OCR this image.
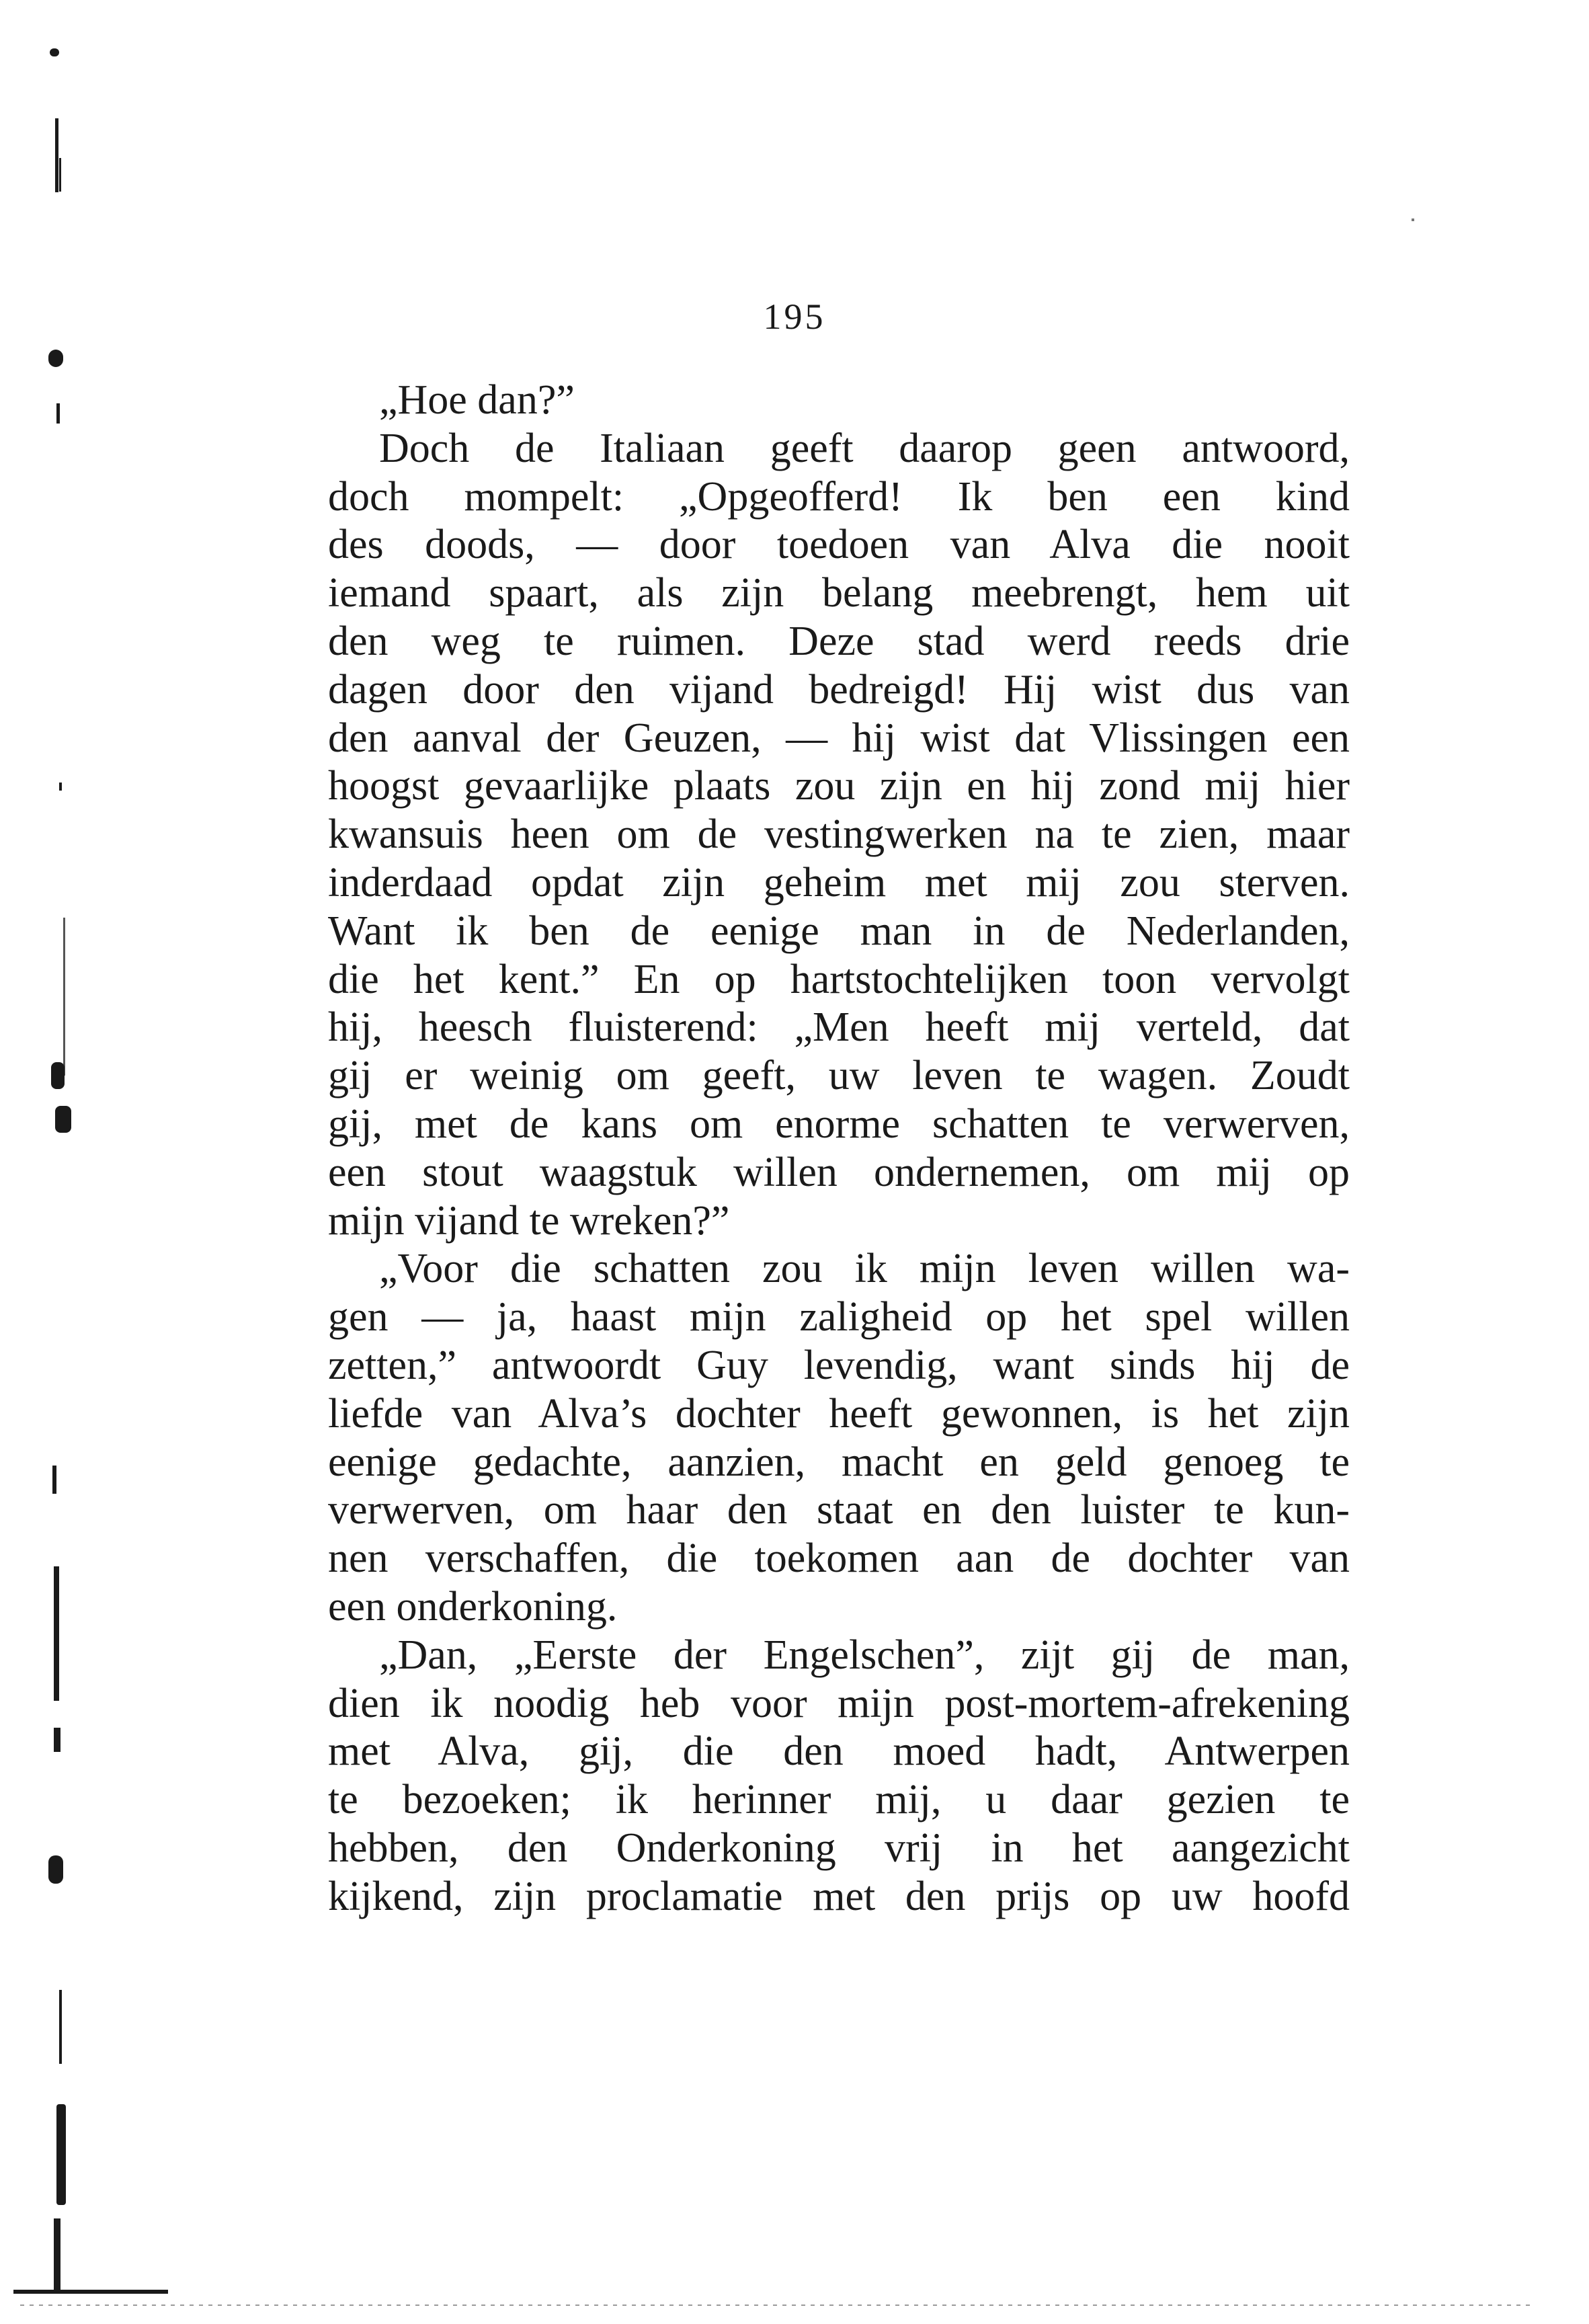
195
„Hoe dan?”
Doch de Italiaan geeft daarop geen antwoord,
doch mompelt: „Opgeofferd! Ik ben een kind
des doods, — door toedoen van Alva die nooit
iemand spaart, als zijn belang meebrengt, hem uit
den weg te ruimen. Deze stad werd reeds drie
dagen door den vijand bedreigd! Hij wist dus van
den aanval der Geuzen, — hij wist dat Vlissingen een
hoogst gevaarlijke plaats zou zijn en hij zond mij hier
kwansuis heen om de vestingwerken na te zien, maar
inderdaad opdat zijn geheim met mij zou sterven.
Want ik ben de eenige man in de Nederlanden,
die het kent.” En op hartstochtelijken toon vervolgt
hij, heesch fluisterend: „Men heeft mij verteld, dat
gij er weinig om geeft, uw leven te wagen. Zoudt
gij, met de kans om enorme schatten te verwerven,
een stout waagstuk willen ondernemen, om mij op
mijn vijand te wreken?”
„Voor die schatten zou ik mijn leven willen wa-
gen — ja, haast mijn zaligheid op het spel willen
zetten,” antwoordt Guy levendig, want sinds hij de
liefde van Alva’s dochter heeft gewonnen, is het zijn
eenige gedachte, aanzien, macht en geld genoeg te
verwerven, om haar den staat en den luister te kun-
nen verschaffen, die toekomen aan de dochter van
een onderkoning.
„Dan, „Eerste der Engelschen”, zijt gij de man,
dien ik noodig heb voor mijn post-mortem-afrekening
met Alva, gij, die den moed hadt, Antwerpen
te bezoeken; ik herinner mij, u daar gezien te
hebben, den Onderkoning vrij in het aangezicht
kijkend, zijn proclamatie met den prijs op uw hoofd
